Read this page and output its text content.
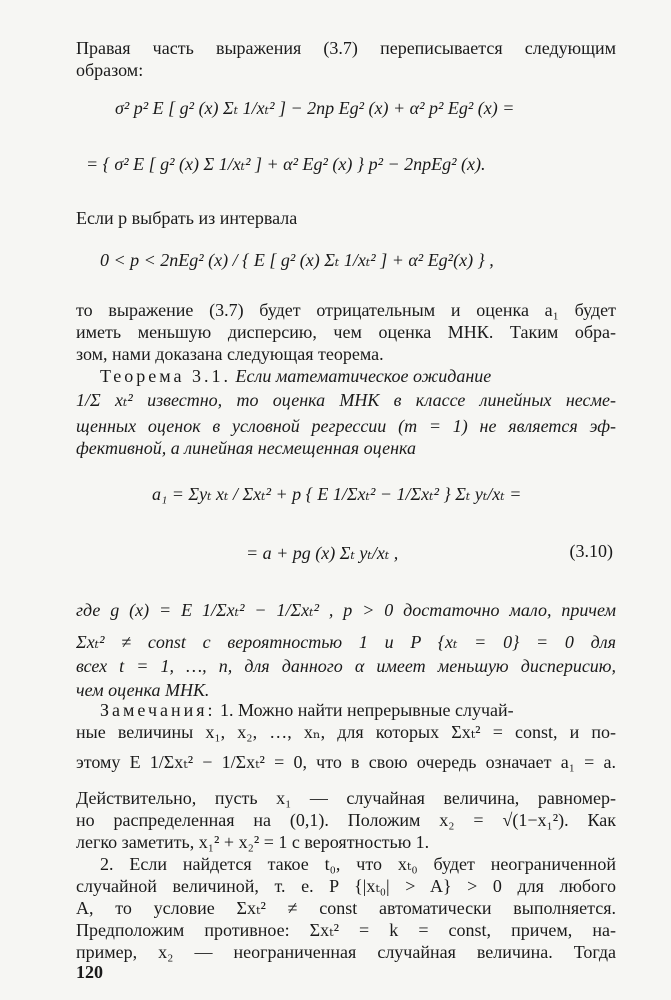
Правая часть выражения (3.7) переписывается следующим
образом:
σ² p² E [ g² (x) Σₜ 1/xₜ² ] − 2np Eg² (x) + α² p² Eg² (x) =
= { σ² E [ g² (x) Σ 1/xₜ² ] + α² Eg² (x) } p² − 2npEg² (x).
Если p выбрать из интервала
0 < p < 2nEg² (x) / { E [ g² (x) Σₜ 1/xₜ² ] + α² Eg²(x) } ,
то выражение (3.7) будет отрицательным и оценка a₁ будет
иметь меньшую дисперсию, чем оценка МНК. Таким обра-
зом, нами доказана следующая теорема.
Теорема 3.1. Если математическое ожидание
1/Σ xₜ² известно, то оценка МНК в классе линейных несме-
щенных оценок в условной регрессии (m = 1) не является эф-
фективной, а линейная несмещенная оценка
a₁ = Σyₜ xₜ / Σxₜ² + p { E 1/Σxₜ² − 1/Σxₜ² } Σₜ yₜ/xₜ =
= a + pg (x) Σₜ yₜ/xₜ ,	(3.10)
где g (x) = E 1/Σxₜ² − 1/Σxₜ² , p > 0 достаточно мало, причем
Σxₜ² ≠ const с вероятностью 1 и P {xₜ = 0} = 0 для
всех t = 1, …, n, для данного α имеет меньшую дисперисию,
чем оценка МНК.
Замечания: 1. Можно найти непрерывные случай-
ные величины x₁, x₂, …, xₙ, для которых Σxₜ² = const, и по-
этому E 1/Σxₜ² − 1/Σxₜ² = 0, что в свою очередь означает a₁ = a.
Действительно, пусть x₁ — случайная величина, равномер-
но распределенная на (0,1). Положим x₂ = √(1−x₁²). Как
легко заметить, x₁² + x₂² = 1 с вероятностью 1.
2. Если найдется такое t₀, что xₜ₀ будет неограниченной
случайной величиной, т. е. P {|xₜ₀| > A} > 0 для любого
A, то условие Σxₜ² ≠ const автоматически выполняется.
Предположим противное: Σxₜ² = k = const, причем, на-
пример, x₂ — неограниченная случайная величина. Тогда
120
